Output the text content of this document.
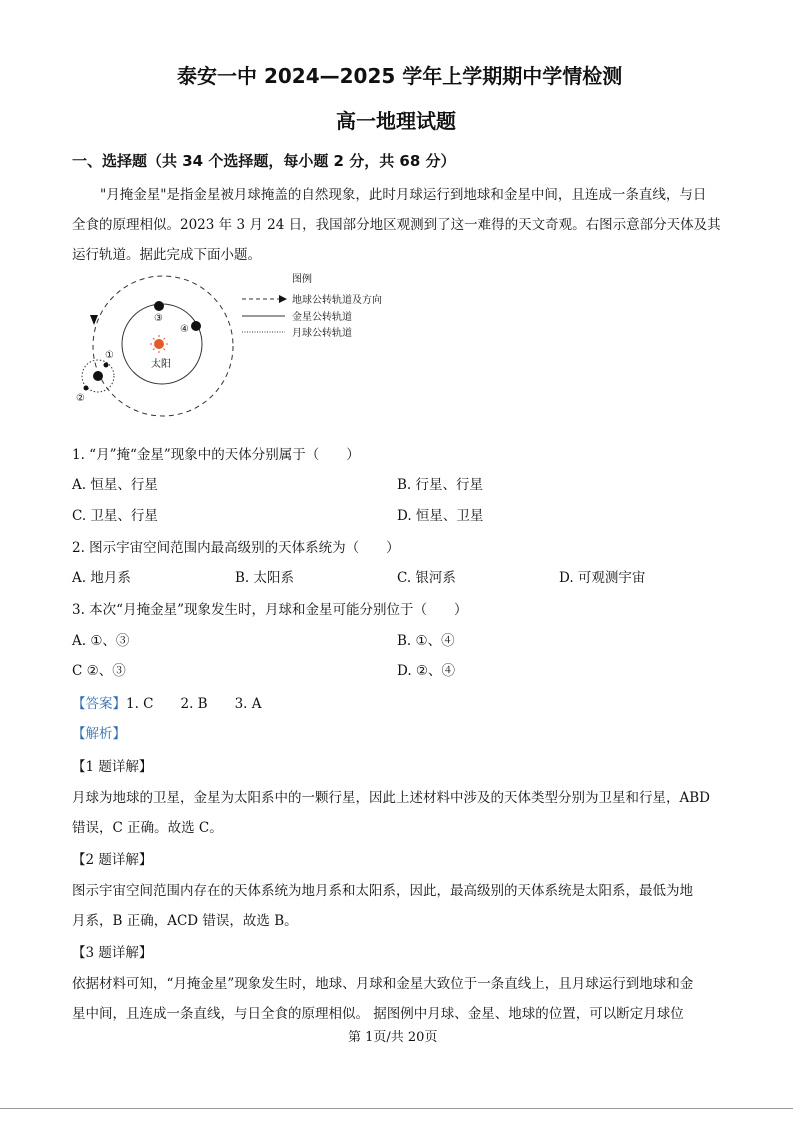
泰安一中 2024—2025 学年上学期期中学情检测
高一地理试题
一、选择题（共 34 个选择题，每小题 2 分，共 68 分）
"月掩金星"是指金星被月球掩盖的自然现象，此时月球运行到地球和金星中间，且连成一条直线，与日
全食的原理相似。2023 年 3 月 24 日，我国部分地区观测到了这一难得的天文奇观。右图示意部分天体及其
运行轨道。据此完成下面小题。
太阳
③
④
①
②
图例
地球公转轨道及方向
金星公转轨道
月球公转轨道
1. “月”掩“金星”现象中的天体分别属于（　　）
A. 恒星、行星	B. 行星、行星
C. 卫星、行星	D. 恒星、卫星
2. 图示宇宙空间范围内最高级别的天体系统为（　　）
A. 地月系	B. 太阳系	C. 银河系	D. 可观测宇宙
3. 本次“月掩金星”现象发生时，月球和金星可能分别位于（　　）
A. ①、③	B. ①、④
C ②、③	D. ②、④
【答案】1. C　　2. B　　3. A
【解析】
【1 题详解】
月球为地球的卫星，金星为太阳系中的一颗行星，因此上述材料中涉及的天体类型分别为卫星和行星，ABD
错误，C 正确。故选 C。
【2 题详解】
图示宇宙空间范围内存在的天体系统为地月系和太阳系，因此，最高级别的天体系统是太阳系，最低为地
月系，B 正确，ACD 错误，故选 B。
【3 题详解】
依据材料可知，“月掩金星”现象发生时，地球、月球和金星大致位于一条直线上，且月球运行到地球和金
星中间，且连成一条直线，与日全食的原理相似。 据图例中月球、金星、地球的位置，可以断定月球位
第 1页/共 20页
